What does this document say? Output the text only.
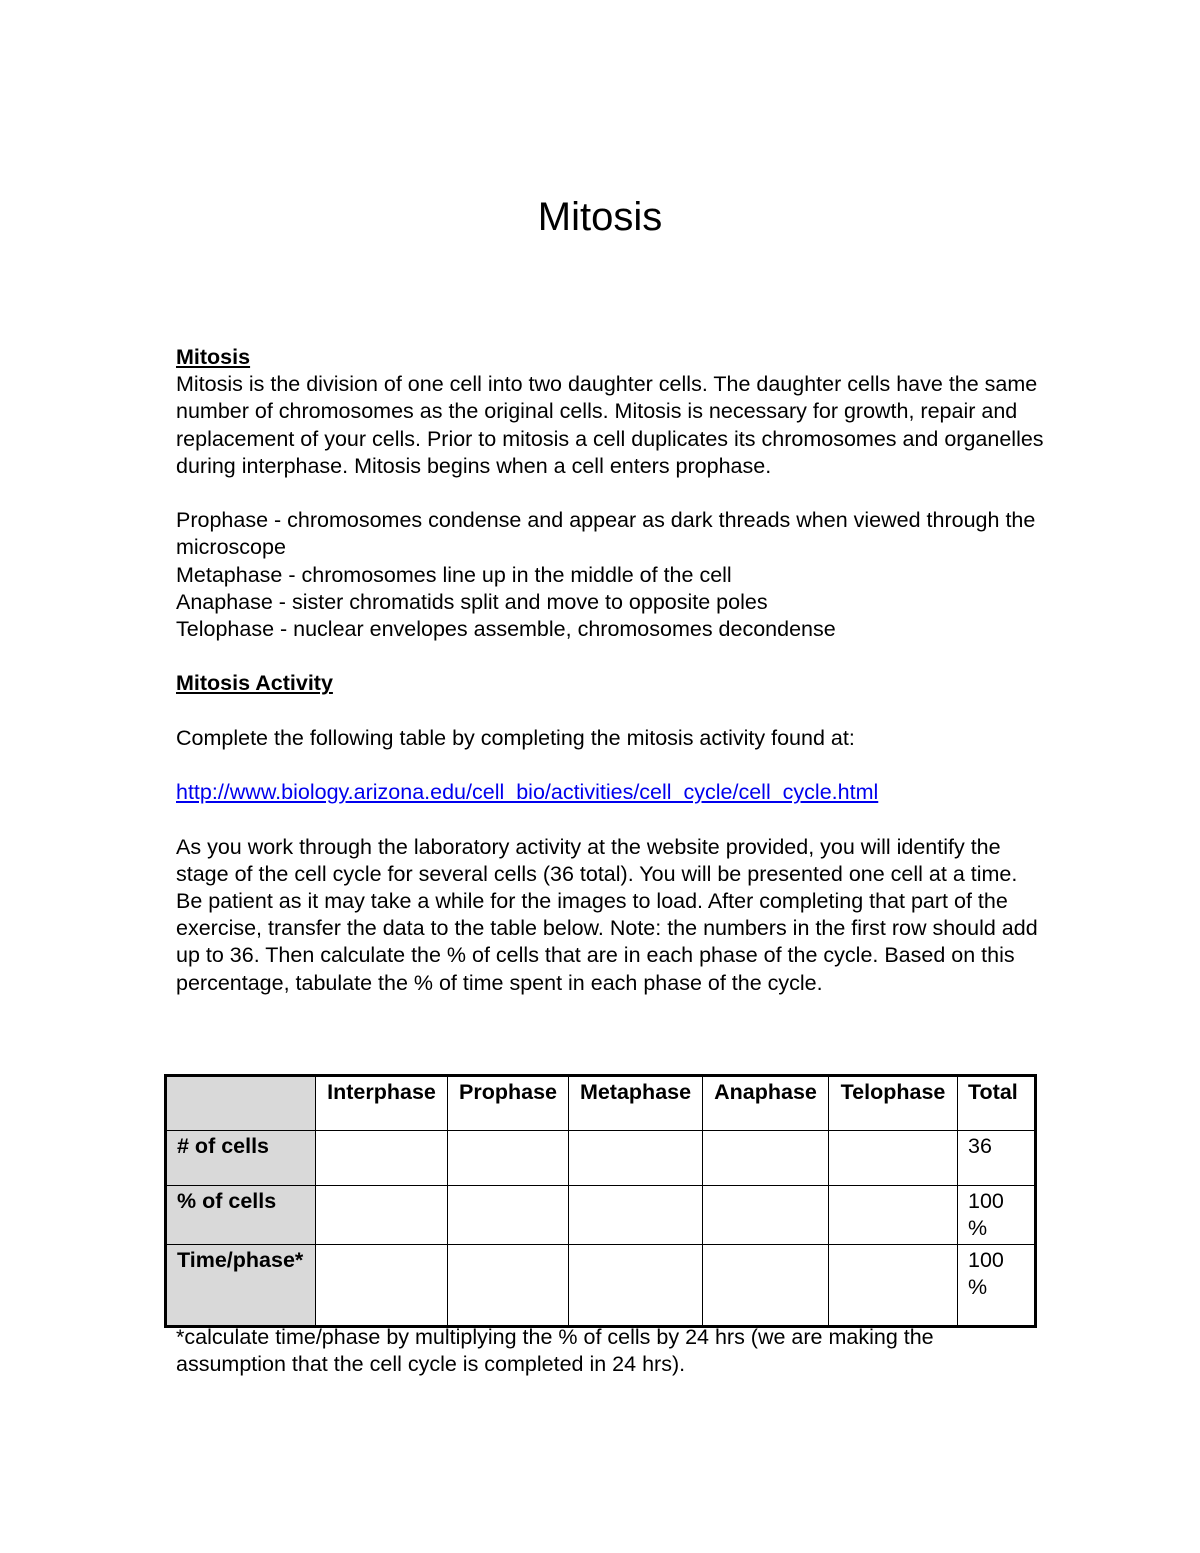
Mitosis

Mitosis

Mitosis is the division of one cell into two daughter cells. The daughter cells have the same number of chromosomes as the original cells. Mitosis is necessary for growth, repair and replacement of your cells. Prior to mitosis a cell duplicates its chromosomes and organelles during interphase. Mitosis begins when a cell enters prophase.

Prophase - chromosomes condense and appear as dark threads when viewed through the microscope

Metaphase - chromosomes line up in the middle of the cell

Anaphase - sister chromatids split and move to opposite poles

Telophase - nuclear envelopes assemble, chromosomes decondense

Mitosis Activity

Complete the following table by completing the mitosis activity found at:

http://www.biology.arizona.edu/cell_bio/activities/cell_cycle/cell_cycle.html

As you work through the laboratory activity at the website provided, you will identify the stage of the cell cycle for several cells (36 total). You will be presented one cell at a time. Be patient as it may take a while for the images to load. After completing that part of the exercise, transfer the data to the table below. Note: the numbers in the first row should add up to 36. Then calculate the % of cells that are in each phase of the cycle. Based on this percentage, tabulate the % of time spent in each phase of the cycle.

	Interphase	Prophase	Metaphase	Anaphase	Telophase	Total
# of cells						36
% of cells						100 %
Time/phase*						100 %

*calculate time/phase by multiplying the % of cells by 24 hrs (we are making the assumption that the cell cycle is completed in 24 hrs).
